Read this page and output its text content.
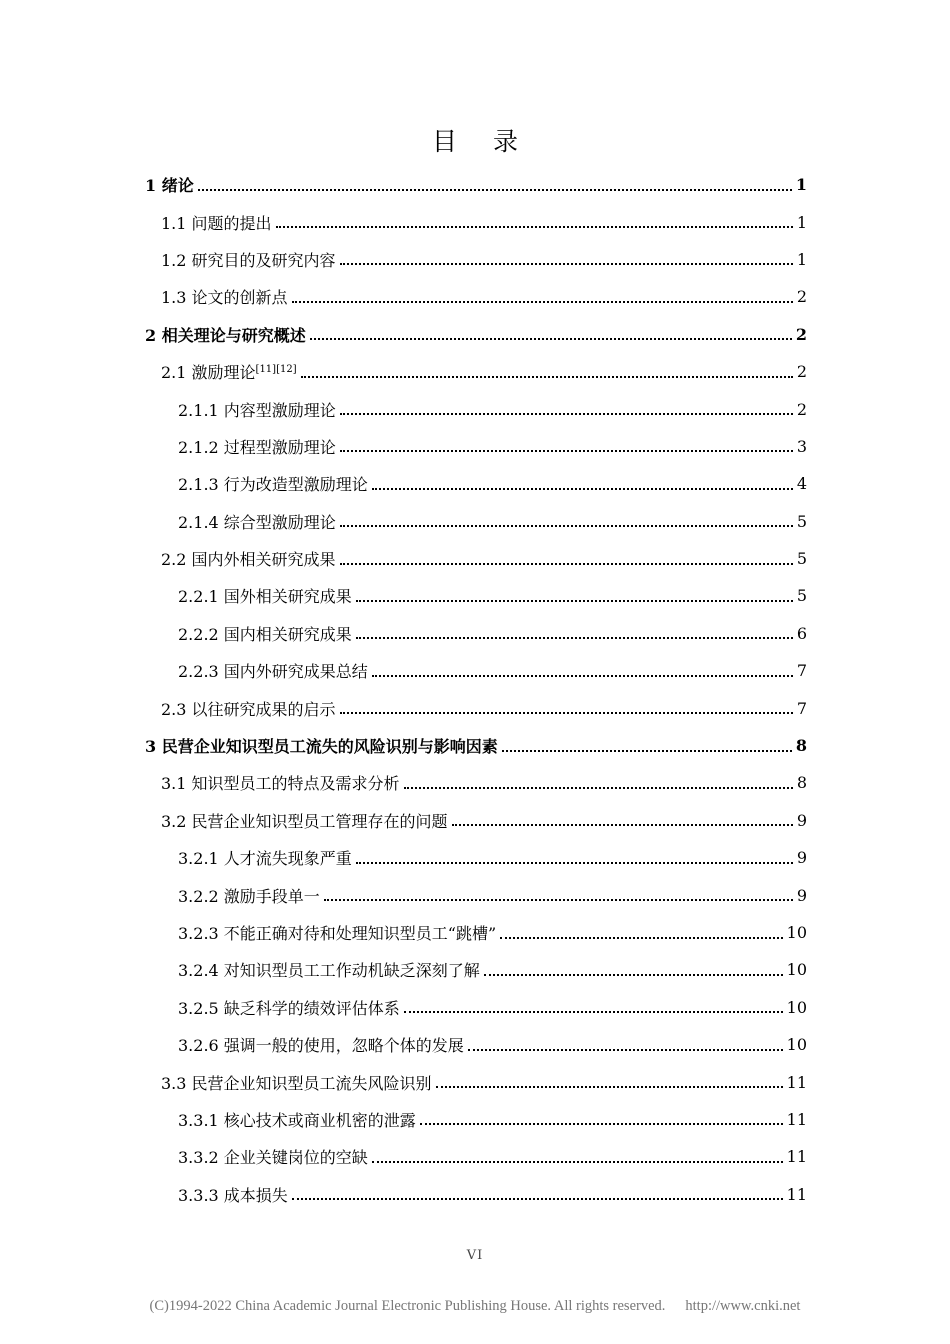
目 录
1 绪论	1
1.1 问题的提出	1
1.2 研究目的及研究内容	1
1.3 论文的创新点	2
2 相关理论与研究概述	2
2.1 激励理论[11][12]	2
2.1.1 内容型激励理论	2
2.1.2 过程型激励理论	3
2.1.3 行为改造型激励理论	4
2.1.4 综合型激励理论	5
2.2 国内外相关研究成果	5
2.2.1 国外相关研究成果	5
2.2.2 国内相关研究成果	6
2.2.3 国内外研究成果总结	7
2.3 以往研究成果的启示	7
3 民营企业知识型员工流失的风险识别与影响因素	8
3.1 知识型员工的特点及需求分析	8
3.2 民营企业知识型员工管理存在的问题	9
3.2.1 人才流失现象严重	9
3.2.2 激励手段单一	9
3.2.3 不能正确对待和处理知识型员工“跳槽”	10
3.2.4 对知识型员工工作动机缺乏深刻了解	10
3.2.5 缺乏科学的绩效评估体系	10
3.2.6 强调一般的使用，忽略个体的发展	10
3.3 民营企业知识型员工流失风险识别	11
3.3.1 核心技术或商业机密的泄露	11
3.3.2 企业关键岗位的空缺	11
3.3.3 成本损失	11
VI
(C)1994-2022 China Academic Journal Electronic Publishing House. All rights reserved. http://www.cnki.net
